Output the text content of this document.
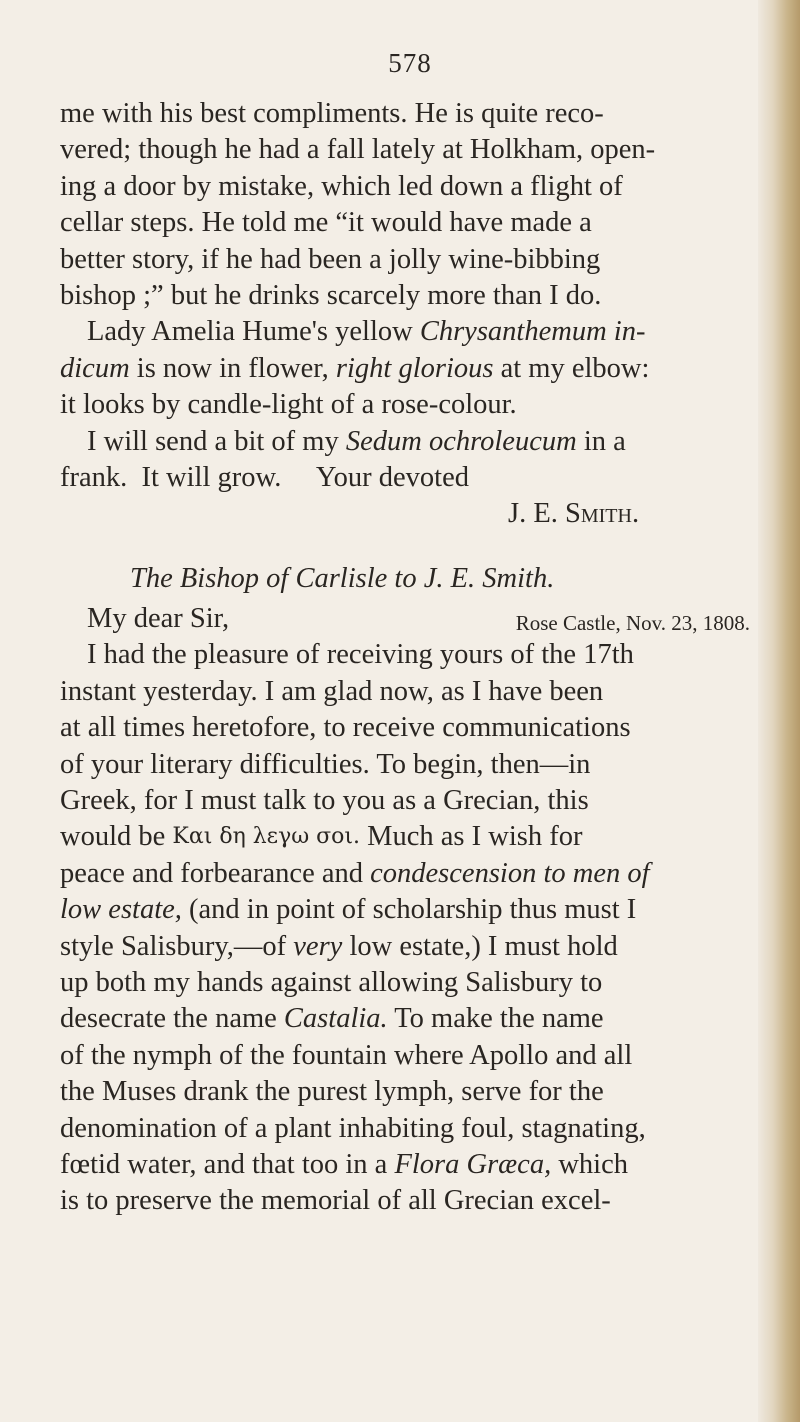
578
me with his best compliments. He is quite reco-
vered; though he had a fall lately at Holkham, open-
ing a door by mistake, which led down a flight of
cellar steps. He told me “it would have made a
better story, if he had been a jolly wine-bibbing
bishop ;” but he drinks scarcely more than I do.
Lady Amelia Hume's yellow Chrysanthemum in-
dicum is now in flower, right glorious at my elbow:
it looks by candle-light of a rose-colour.
I will send a bit of my Sedum ochroleucum in a
frank.  It will grow.     Your devoted
J. E. Smith.
The Bishop of Carlisle to J. E. Smith.
My dear Sir,	Rose Castle, Nov. 23, 1808.
I had the pleasure of receiving yours of the 17th
instant yesterday. I am glad now, as I have been
at all times heretofore, to receive communications
of your literary difficulties. To begin, then—in
Greek, for I must talk to you as a Grecian, this
would be Και δη λεγω σοι. Much as I wish for
peace and forbearance and condescension to men of
low estate, (and in point of scholarship thus must I
style Salisbury,—of very low estate,) I must hold
up both my hands against allowing Salisbury to
desecrate the name Castalia. To make the name
of the nymph of the fountain where Apollo and all
the Muses drank the purest lymph, serve for the
denomination of a plant inhabiting foul, stagnating,
fœtid water, and that too in a Flora Græca, which
is to preserve the memorial of all Grecian excel-
